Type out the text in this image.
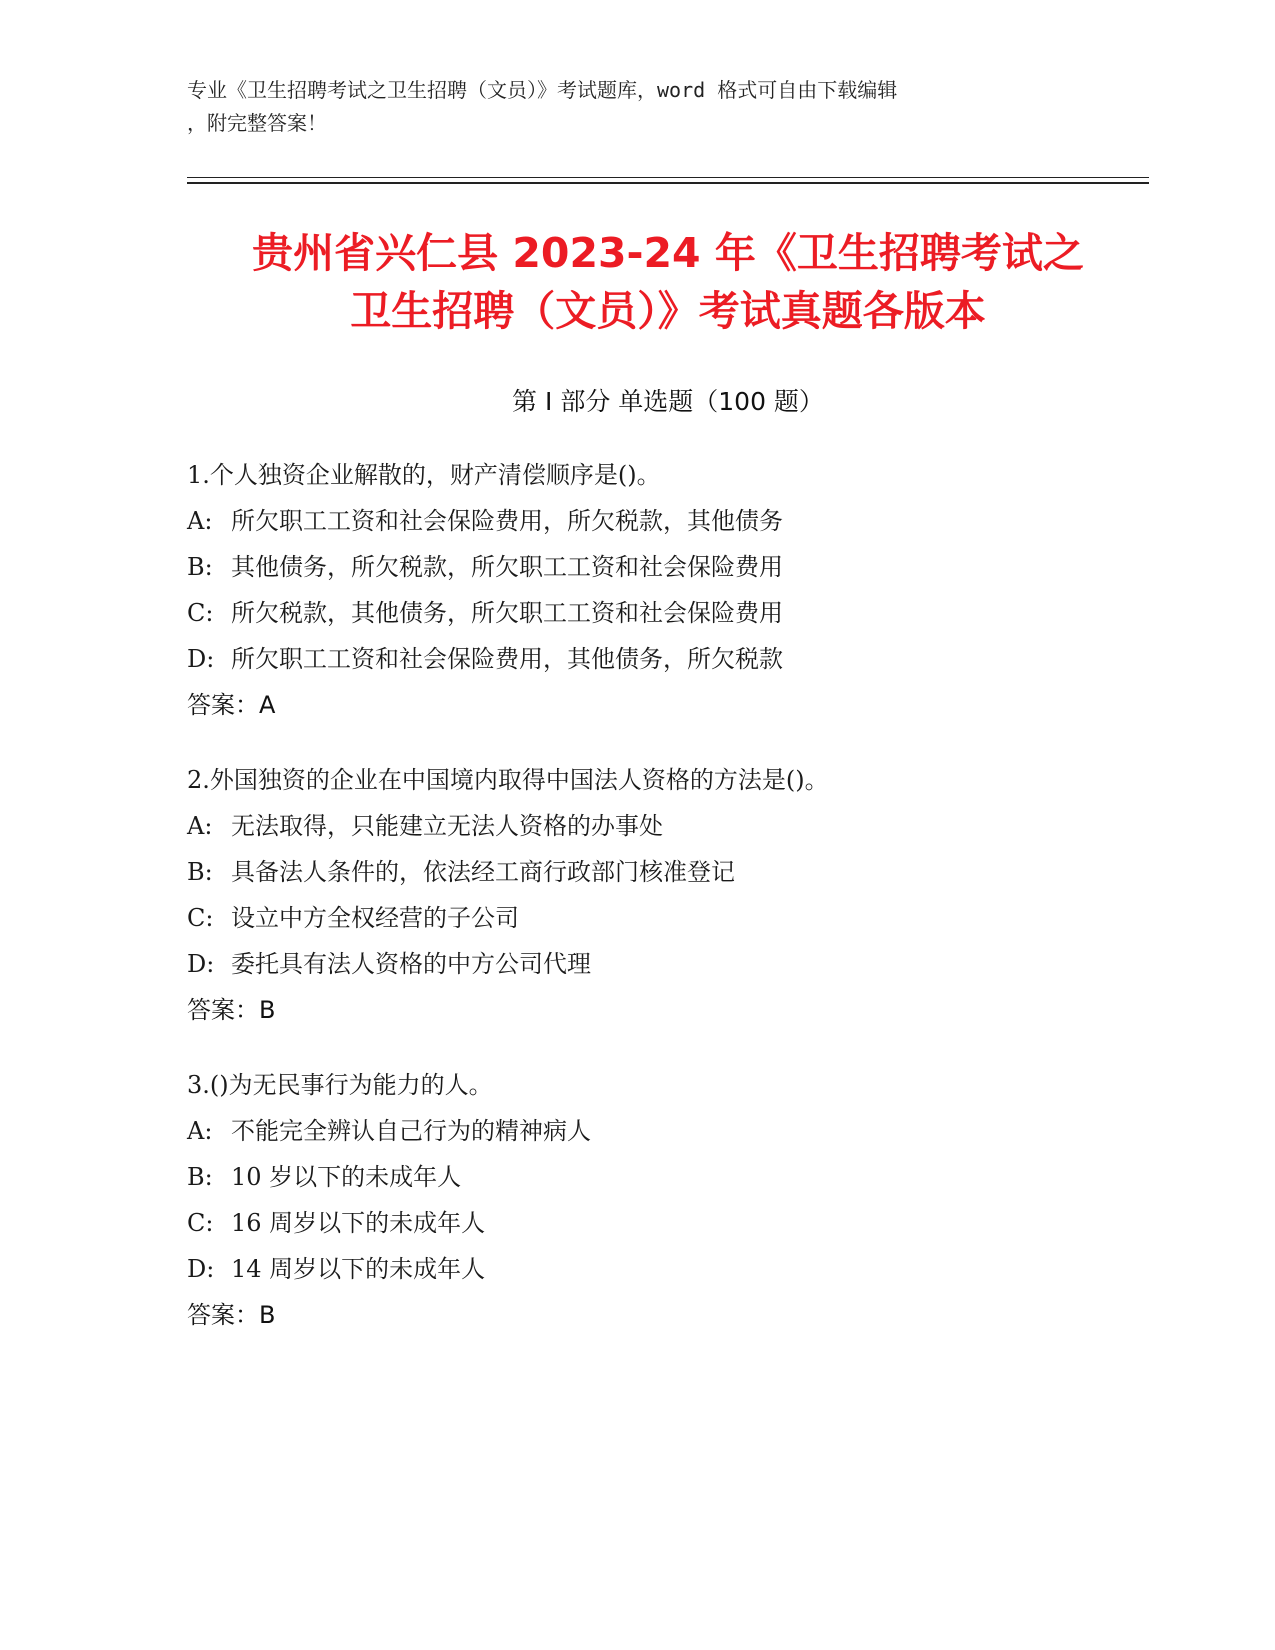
专业《卫生招聘考试之卫生招聘（文员）》考试题库，word 格式可自由下载编辑
，附完整答案！
贵州省兴仁县 2023-24 年《卫生招聘考试之
卫生招聘（文员）》考试真题各版本
第 I 部分 单选题（100 题）
1.个人独资企业解散的，财产清偿顺序是()。
A: 所欠职工工资和社会保险费用，所欠税款，其他债务
B: 其他债务，所欠税款，所欠职工工资和社会保险费用
C: 所欠税款，其他债务，所欠职工工资和社会保险费用
D: 所欠职工工资和社会保险费用，其他债务，所欠税款
答案：A
2.外国独资的企业在中国境内取得中国法人资格的方法是()。
A: 无法取得，只能建立无法人资格的办事处
B: 具备法人条件的，依法经工商行政部门核准登记
C: 设立中方全权经营的子公司
D: 委托具有法人资格的中方公司代理
答案：B
3.()为无民事行为能力的人。
A: 不能完全辨认自己行为的精神病人
B: 10 岁以下的未成年人
C: 16 周岁以下的未成年人
D: 14 周岁以下的未成年人
答案：B
